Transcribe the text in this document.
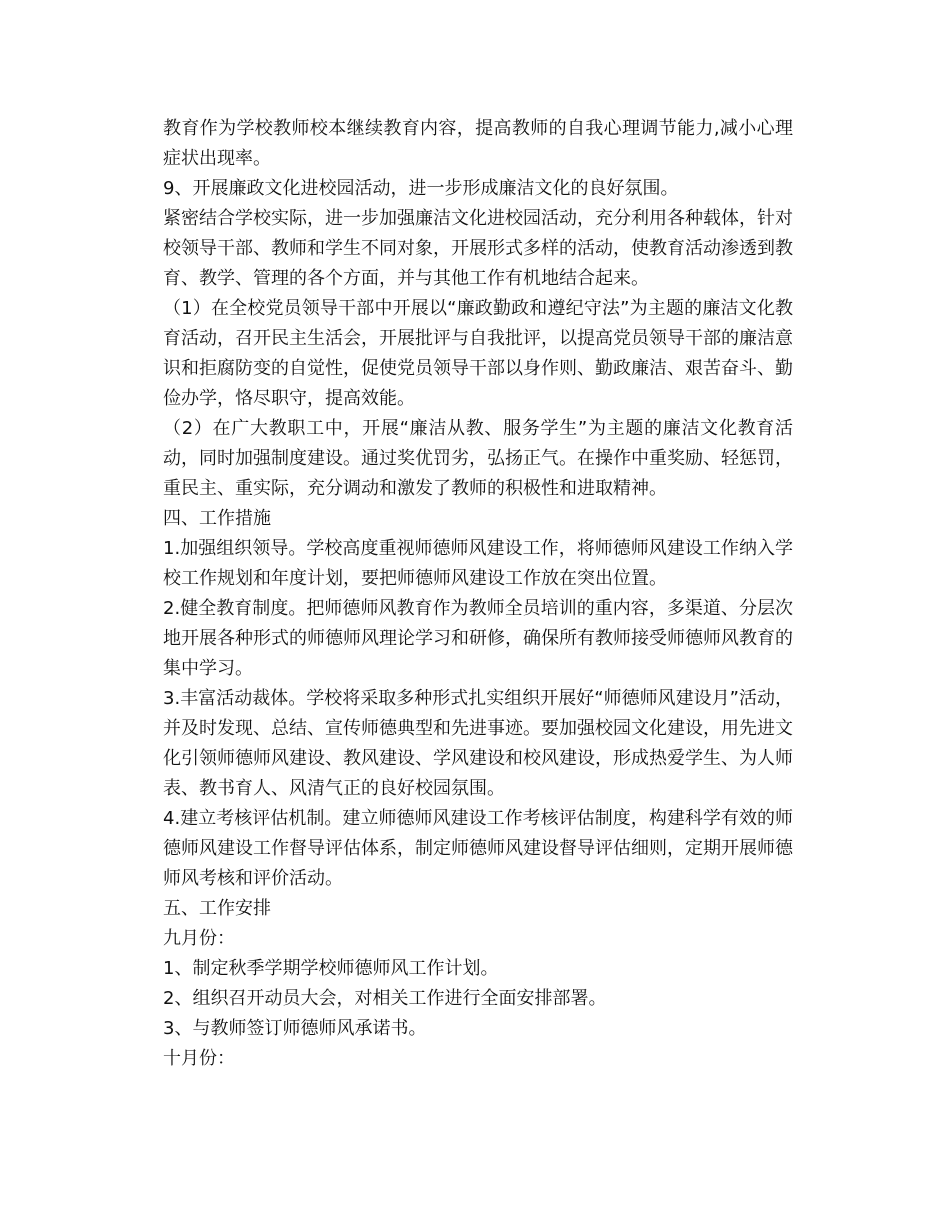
教育作为学校教师校本继续教育内容，提高教师的自我心理调节能力,减小心理症状出现率。

9、开展廉政文化进校园活动，进一步形成廉洁文化的良好氛围。

紧密结合学校实际，进一步加强廉洁文化进校园活动，充分利用各种载体，针对校领导干部、教师和学生不同对象，开展形式多样的活动，使教育活动渗透到教育、教学、管理的各个方面，并与其他工作有机地结合起来。

（1）在全校党员领导干部中开展以“廉政勤政和遵纪守法”为主题的廉洁文化教育活动，召开民主生活会，开展批评与自我批评，以提高党员领导干部的廉洁意识和拒腐防变的自觉性，促使党员领导干部以身作则、勤政廉洁、艰苦奋斗、勤俭办学，恪尽职守，提高效能。

（2）在广大教职工中，开展“廉洁从教、服务学生”为主题的廉洁文化教育活动，同时加强制度建设。通过奖优罚劣，弘扬正气。在操作中重奖励、轻惩罚，重民主、重实际，充分调动和激发了教师的积极性和进取精神。

四、工作措施

1.加强组织领导。学校高度重视师德师风建设工作，将师德师风建设工作纳入学校工作规划和年度计划，要把师德师风建设工作放在突出位置。

2.健全教育制度。把师德师风教育作为教师全员培训的重内容，多渠道、分层次地开展各种形式的师德师风理论学习和研修，确保所有教师接受师德师风教育的集中学习。

3.丰富活动裁体。学校将采取多种形式扎实组织开展好“师德师风建设月”活动，并及时发现、总结、宣传师德典型和先进事迹。要加强校园文化建设，用先进文化引领师德师风建设、教风建设、学风建设和校风建设，形成热爱学生、为人师表、教书育人、风清气正的良好校园氛围。

4.建立考核评估机制。建立师德师风建设工作考核评估制度，构建科学有效的师德师风建设工作督导评估体系，制定师德师风建设督导评估细则，定期开展师德师风考核和评价活动。

五、工作安排

九月份：

1、制定秋季学期学校师德师风工作计划。

2、组织召开动员大会，对相关工作进行全面安排部署。

3、与教师签订师德师风承诺书。

十月份：
